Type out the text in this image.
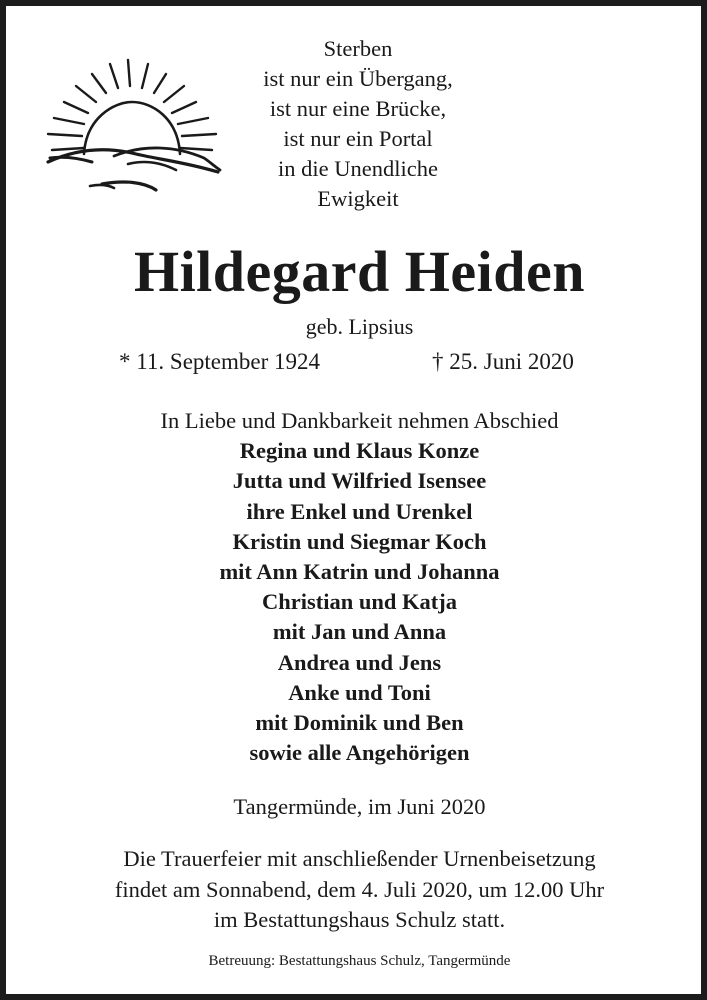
Sterben
ist nur ein Übergang,
ist nur eine Brücke,
ist nur ein Portal
in die Unendliche
Ewigkeit
Hildegard Heiden
geb. Lipsius
* 11. September 1924	† 25. Juni 2020
In Liebe und Dankbarkeit nehmen Abschied
Regina und Klaus Konze
Jutta und Wilfried Isensee
ihre Enkel und Urenkel
Kristin und Siegmar Koch
mit Ann Katrin und Johanna
Christian und Katja
mit Jan und Anna
Andrea und Jens
Anke und Toni
mit Dominik und Ben
sowie alle Angehörigen
Tangermünde, im Juni 2020
Die Trauerfeier mit anschließender Urnenbeisetzung
findet am Sonnabend, dem 4. Juli 2020, um 12.00 Uhr
im Bestattungshaus Schulz statt.
Betreuung: Bestattungshaus Schulz, Tangermünde
